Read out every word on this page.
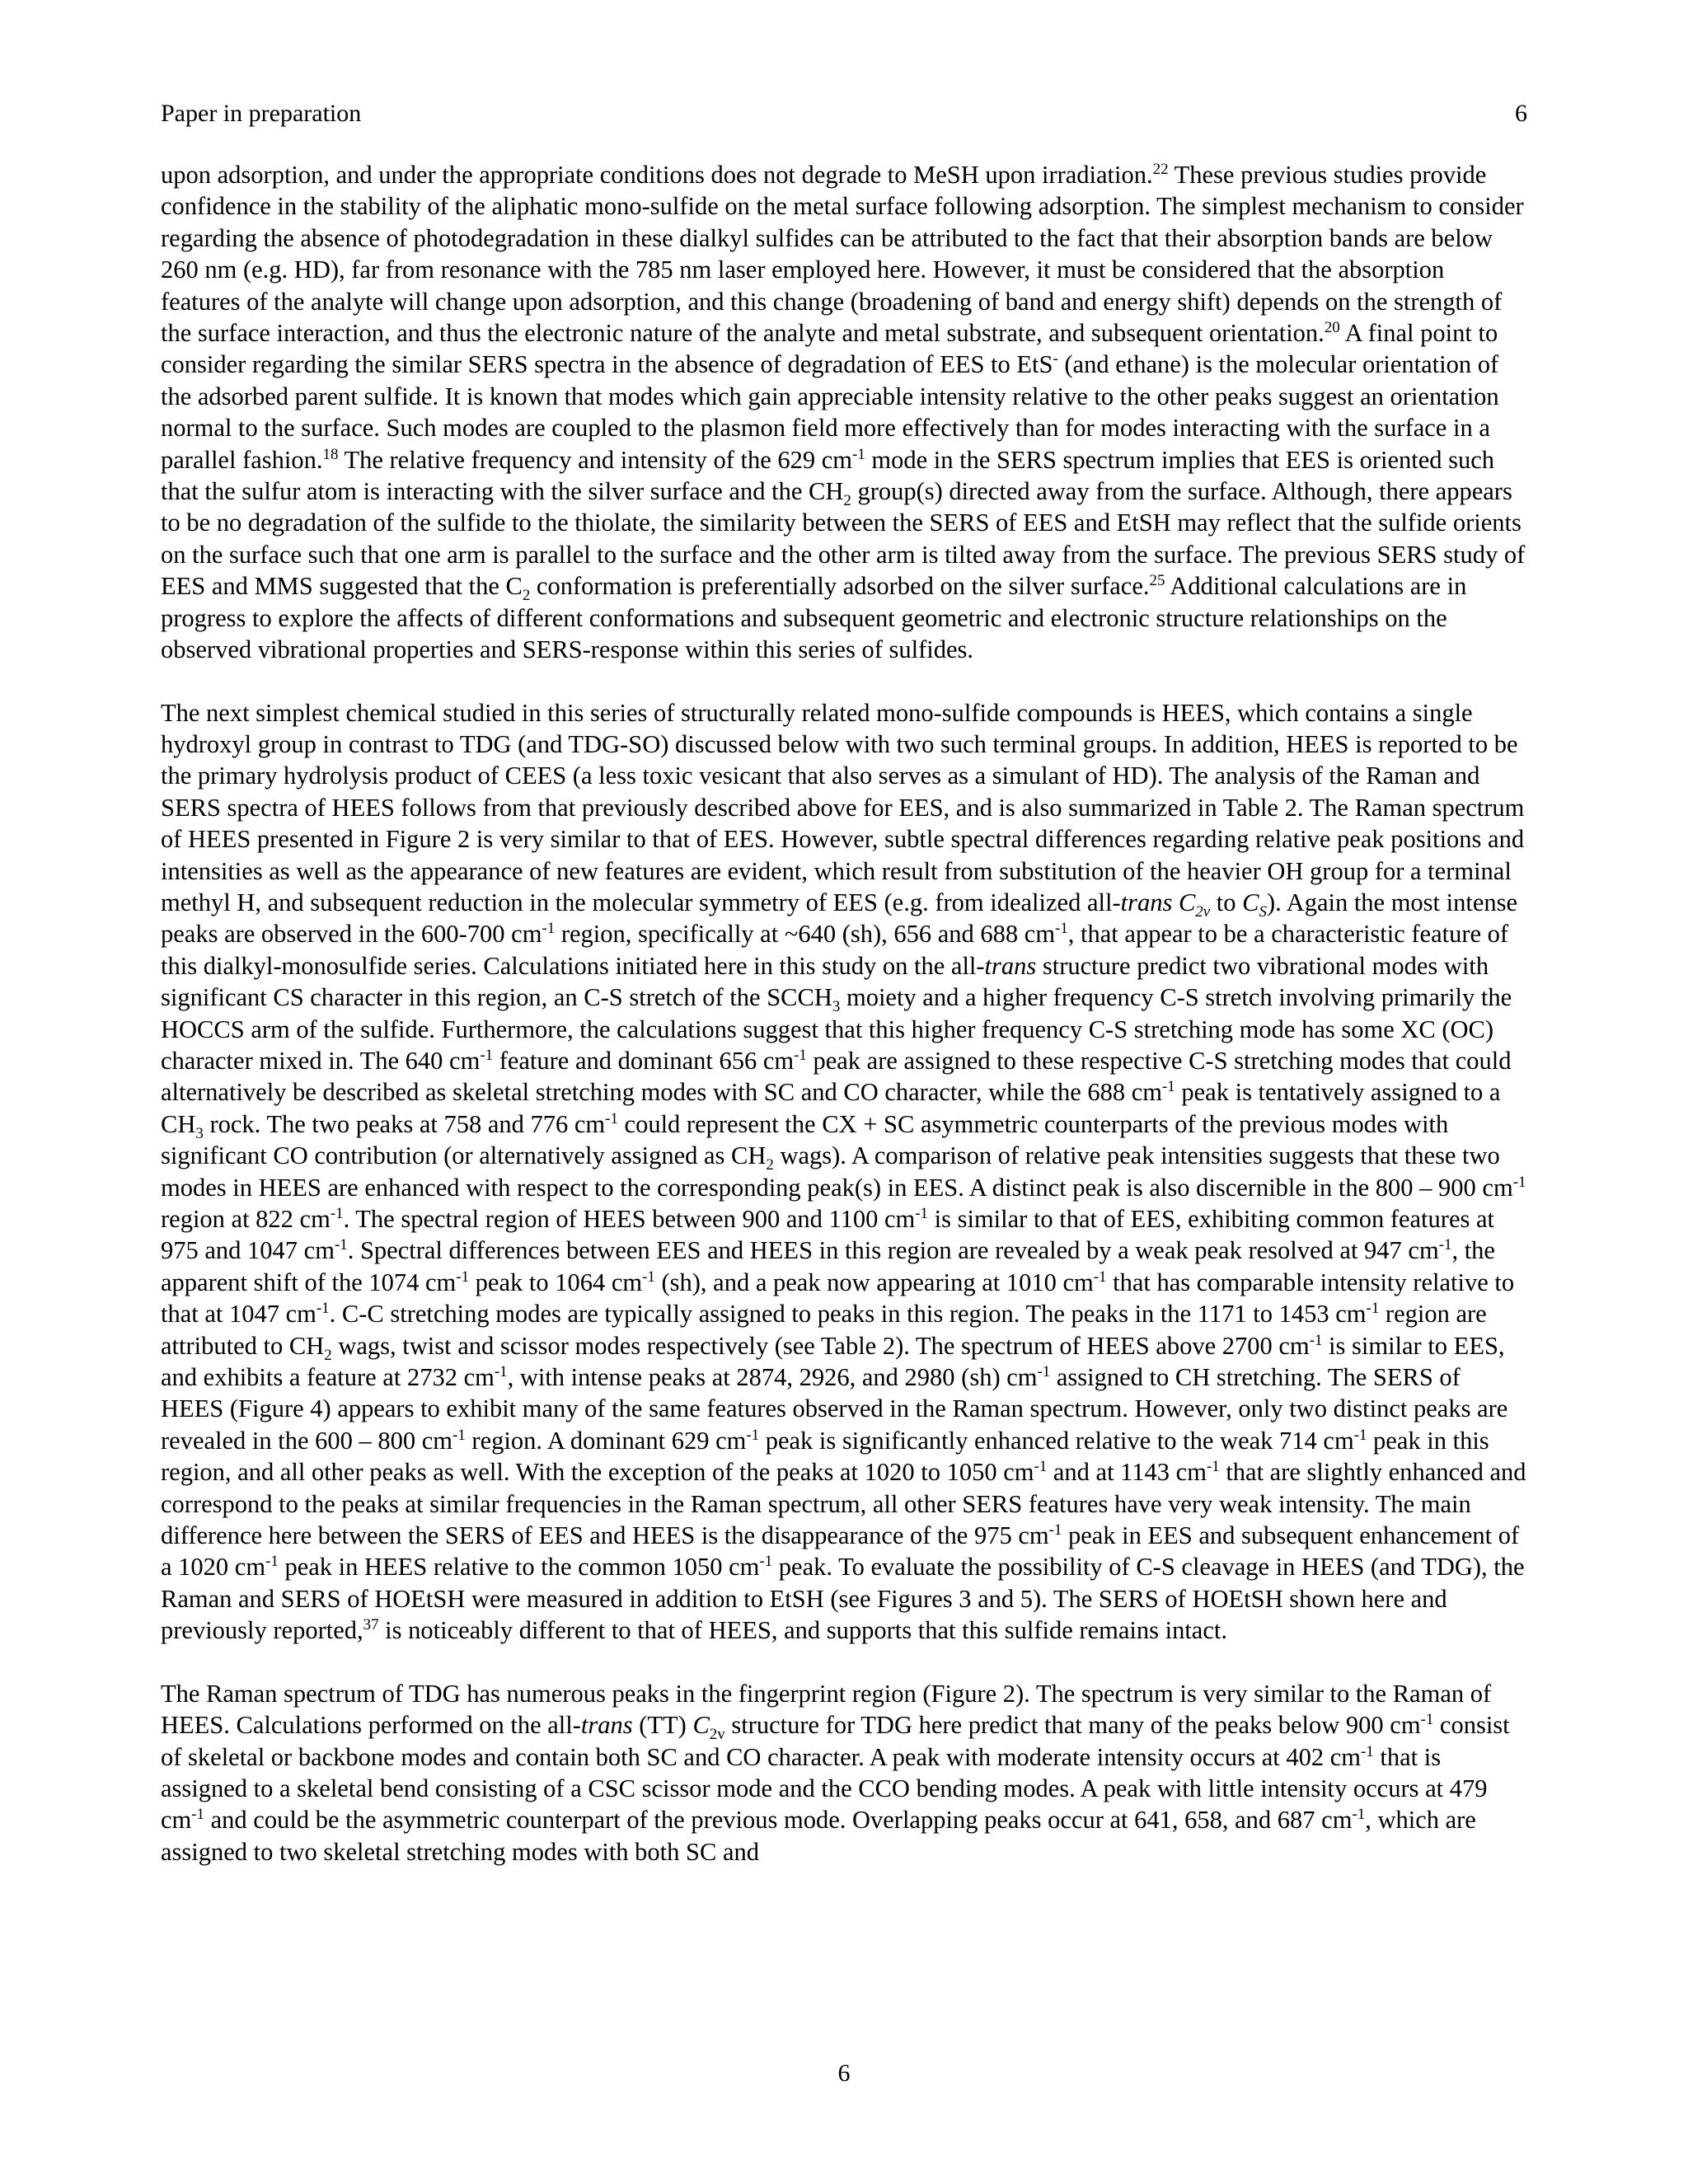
Paper in preparation	6

upon adsorption, and under the appropriate conditions does not degrade to MeSH upon irradiation.$^{22}$ These previous studies provide confidence in the stability of the aliphatic mono-sulfide on the metal surface following adsorption. The simplest mechanism to consider regarding the absence of photodegradation in these dialkyl sulfides can be attributed to the fact that their absorption bands are below 260 nm (e.g. HD), far from resonance with the 785 nm laser employed here. However, it must be considered that the absorption features of the analyte will change upon adsorption, and this change (broadening of band and energy shift) depends on the strength of the surface interaction, and thus the electronic nature of the analyte and metal substrate, and subsequent orientation.$^{20}$ A final point to consider regarding the similar SERS spectra in the absence of degradation of EES to EtS- (and ethane) is the molecular orientation of the adsorbed parent sulfide. It is known that modes which gain appreciable intensity relative to the other peaks suggest an orientation normal to the surface. Such modes are coupled to the plasmon field more effectively than for modes interacting with the surface in a parallel fashion.$^{18}$ The relative frequency and intensity of the 629 $cm^{-1}$ mode in the SERS spectrum implies that EES is oriented such that the sulfur atom is interacting with the silver surface and the $CH_2$ group(s) directed away from the surface. Although, there appears to be no degradation of the sulfide to the thiolate, the similarity between the SERS of EES and EtSH may reflect that the sulfide orients on the surface such that one arm is parallel to the surface and the other arm is tilted away from the surface. The previous SERS study of EES and MMS suggested that the $C_2$ conformation is preferentially adsorbed on the silver surface.$^{25}$ Additional calculations are in progress to explore the affects of different conformations and subsequent geometric and electronic structure relationships on the observed vibrational properties and SERS-response within this series of sulfides.

The next simplest chemical studied in this series of structurally related mono-sulfide compounds is HEES, which contains a single hydroxyl group in contrast to TDG (and TDG-SO) discussed below with two such terminal groups. In addition, HEES is reported to be the primary hydrolysis product of CEES (a less toxic vesicant that also serves as a simulant of HD). The analysis of the Raman and SERS spectra of HEES follows from that previously described above for EES, and is also summarized in Table 2. The Raman spectrum of HEES presented in Figure 2 is very similar to that of EES. However, subtle spectral differences regarding relative peak positions and intensities as well as the appearance of new features are evident, which result from substitution of the heavier OH group for a terminal methyl H, and subsequent reduction in the molecular symmetry of EES (e.g. from idealized all-trans $C_{2v}$ to $C_S$). Again the most intense peaks are observed in the 600-700 $cm^{-1}$ region, specifically at ~640 (sh), 656 and 688 $cm^{-1}$, that appear to be a characteristic feature of this dialkyl-monosulfide series. Calculations initiated here in this study on the all-trans structure predict two vibrational modes with significant CS character in this region, an C-S stretch of the $SCCH_3$ moiety and a higher frequency C-S stretch involving primarily the HOCCS arm of the sulfide. Furthermore, the calculations suggest that this higher frequency C-S stretching mode has some XC (OC) character mixed in. The 640 $cm^{-1}$ feature and dominant 656 $cm^{-1}$ peak are assigned to these respective C-S stretching modes that could alternatively be described as skeletal stretching modes with SC and CO character, while the 688 $cm^{-1}$ peak is tentatively assigned to a $CH_3$ rock. The two peaks at 758 and 776 $cm^{-1}$ could represent the CX + SC asymmetric counterparts of the previous modes with significant CO contribution (or alternatively assigned as $CH_2$ wags). A comparison of relative peak intensities suggests that these two modes in HEES are enhanced with respect to the corresponding peak(s) in EES. A distinct peak is also discernible in the 800 – 900 $cm^{-1}$ region at 822 $cm^{-1}$. The spectral region of HEES between 900 and 1100 $cm^{-1}$ is similar to that of EES, exhibiting common features at 975 and 1047 $cm^{-1}$. Spectral differences between EES and HEES in this region are revealed by a weak peak resolved at 947 $cm^{-1}$, the apparent shift of the 1074 $cm^{-1}$ peak to 1064 $cm^{-1}$ (sh), and a peak now appearing at 1010 $cm^{-1}$ that has comparable intensity relative to that at 1047 $cm^{-1}$. C-C stretching modes are typically assigned to peaks in this region. The peaks in the 1171 to 1453 $cm^{-1}$ region are attributed to $CH_2$ wags, twist and scissor modes respectively (see Table 2). The spectrum of HEES above 2700 $cm^{-1}$ is similar to EES, and exhibits a feature at 2732 $cm^{-1}$, with intense peaks at 2874, 2926, and 2980 (sh) $cm^{-1}$ assigned to CH stretching. The SERS of HEES (Figure 4) appears to exhibit many of the same features observed in the Raman spectrum. However, only two distinct peaks are revealed in the 600 – 800 $cm^{-1}$ region. A dominant 629 $cm^{-1}$ peak is significantly enhanced relative to the weak 714 $cm^{-1}$ peak in this region, and all other peaks as well. With the exception of the peaks at 1020 to 1050 $cm^{-1}$ and at 1143 $cm^{-1}$ that are slightly enhanced and correspond to the peaks at similar frequencies in the Raman spectrum, all other SERS features have very weak intensity. The main difference here between the SERS of EES and HEES is the disappearance of the 975 $cm^{-1}$ peak in EES and subsequent enhancement of a 1020 $cm^{-1}$ peak in HEES relative to the common 1050 $cm^{-1}$ peak. To evaluate the possibility of C-S cleavage in HEES (and TDG), the Raman and SERS of HOEtSH were measured in addition to EtSH (see Figures 3 and 5). The SERS of HOEtSH shown here and previously reported,$^{37}$ is noticeably different to that of HEES, and supports that this sulfide remains intact.

The Raman spectrum of TDG has numerous peaks in the fingerprint region (Figure 2). The spectrum is very similar to the Raman of HEES. Calculations performed on the all-trans (TT) $C_{2v}$ structure for TDG here predict that many of the peaks below 900 $cm^{-1}$ consist of skeletal or backbone modes and contain both SC and CO character. A peak with moderate intensity occurs at 402 $cm^{-1}$ that is assigned to a skeletal bend consisting of a CSC scissor mode and the CCO bending modes. A peak with little intensity occurs at 479 $cm^{-1}$ and could be the asymmetric counterpart of the previous mode. Overlapping peaks occur at 641, 658, and 687 $cm^{-1}$, which are assigned to two skeletal stretching modes with both SC and

6
